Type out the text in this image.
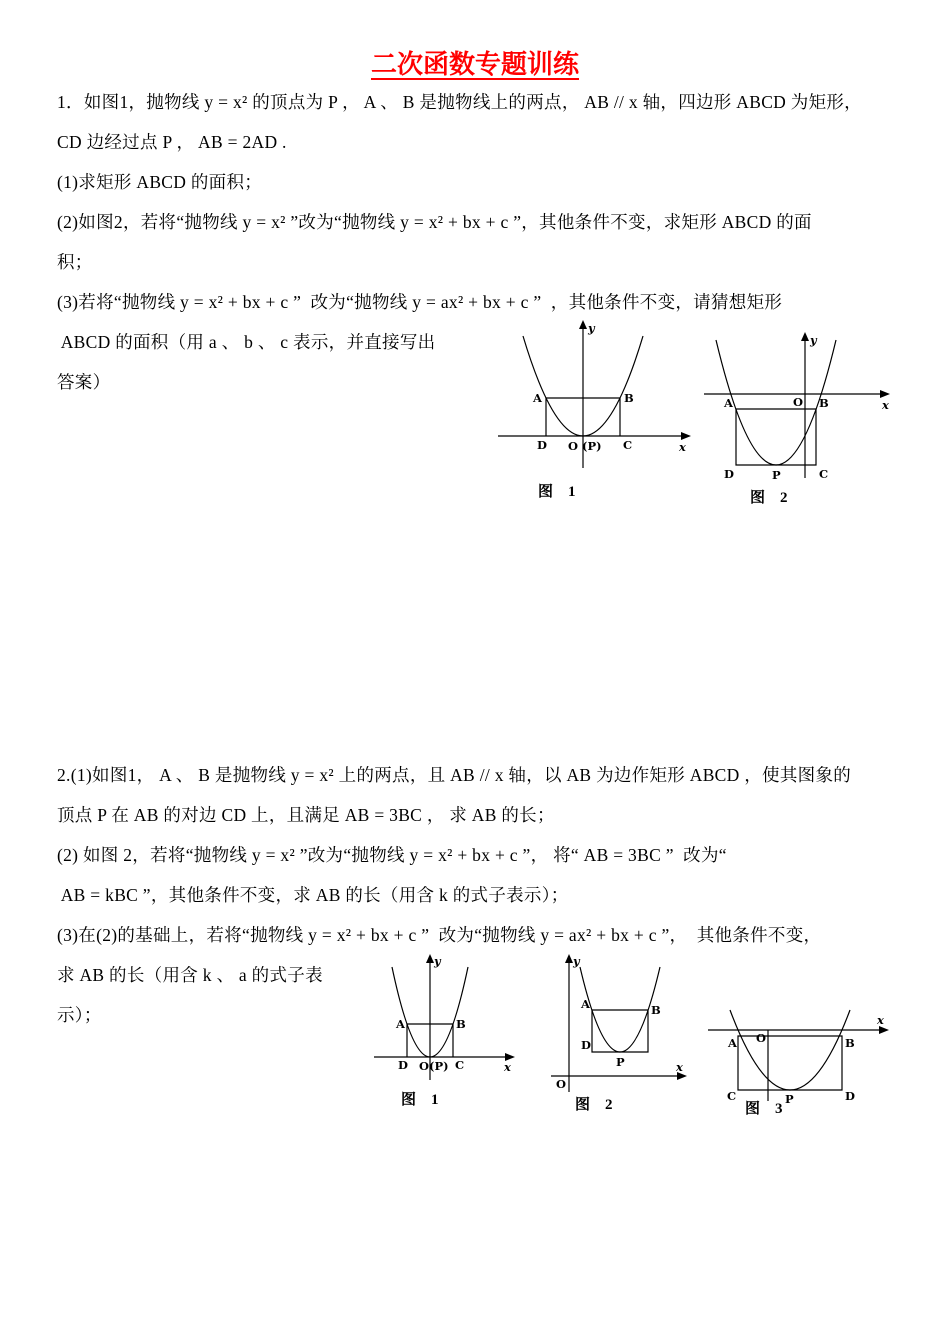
二次函数专题训练
1．如图1，抛物线 y = x² 的顶点为 P ， A 、 B 是抛物线上的两点， AB // x 轴，四边形 ABCD 为矩形，
CD 边经过点 P ， AB = 2AD .
(1)求矩形 ABCD 的面积；
(2)如图2，若将“抛物线 y = x² ”改为“抛物线 y = x² + bx + c ”，其他条件不变，求矩形 ABCD 的面
积；
(3)若将“抛物线 y = x² + bx + c ”  改为“抛物线 y = ax² + bx + c ”  ，其他条件不变，请猜想矩形
ABCD 的面积（用 a 、 b 、 c 表示，并直接写出
答案）
y
x
A	B
D O (P) C
图　1
y
x
A	O B
D	P	C
图　2
2.(1)如图1， A 、 B 是抛物线 y = x² 上的两点，且 AB // x 轴，以 AB 为边作矩形 ABCD ，使其图象的
顶点 P 在 AB 的对边 CD 上，且满足 AB = 3BC ， 求 AB 的长；
(2) 如图 2，若将“抛物线 y = x² ”改为“抛物线 y = x² + bx + c ”， 将“ AB = 3BC ”  改为“
AB = kBC ”，其他条件不变，求 AB 的长（用含 k 的式子表示）；
(3)在(2)的基础上，若将“抛物线 y = x² + bx + c ”  改为“抛物线 y = ax² + bx + c ”，  其他条件不变，
求 AB 的长（用含 k 、 a 的式子表
示）；
y
x
A	B
D O(P) C
图　1
y
x
A	B
D
P
O
图　2
x
O
A	B
C	P	D
图　3
